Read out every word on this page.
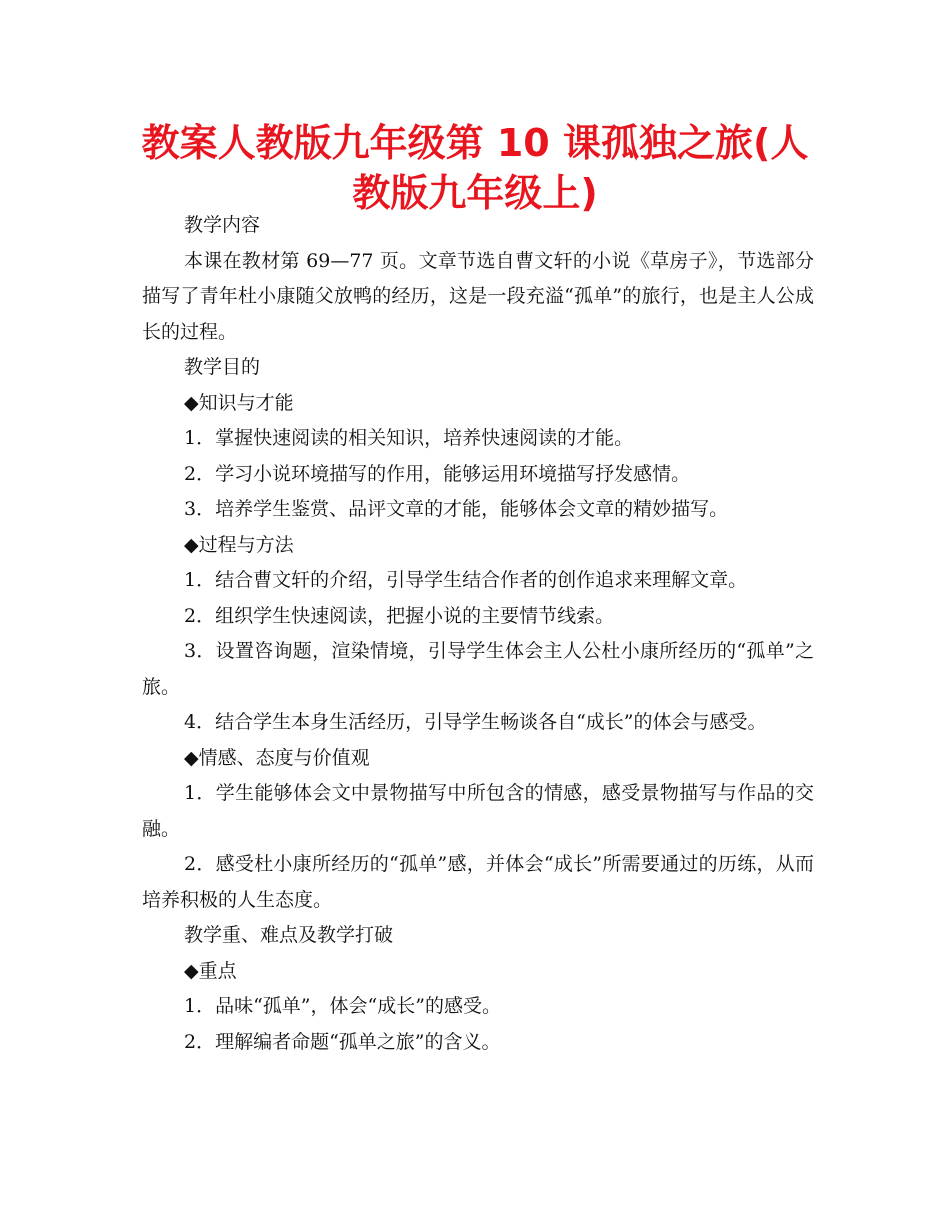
教案人教版九年级第 10 课孤独之旅(人教版九年级上)

教学内容

本课在教材第 69—77 页。文章节选自曹文轩的小说《草房子》，节选部分描写了青年杜小康随父放鸭的经历，这是一段充溢“孤单”的旅行，也是主人公成长的过程。

教学目的

◆知识与才能

1．掌握快速阅读的相关知识，培养快速阅读的才能。

2．学习小说环境描写的作用，能够运用环境描写抒发感情。

3．培养学生鉴赏、品评文章的才能，能够体会文章的精妙描写。

◆过程与方法

1．结合曹文轩的介绍，引导学生结合作者的创作追求来理解文章。

2．组织学生快速阅读，把握小说的主要情节线索。

3．设置咨询题，渲染情境，引导学生体会主人公杜小康所经历的“孤单”之旅。

4．结合学生本身生活经历，引导学生畅谈各自“成长”的体会与感受。

◆情感、态度与价值观

1．学生能够体会文中景物描写中所包含的情感，感受景物描写与作品的交融。

2．感受杜小康所经历的“孤单”感，并体会“成长”所需要通过的历练，从而培养积极的人生态度。

教学重、难点及教学打破

◆重点

1．品味“孤单”，体会“成长”的感受。

2．理解编者命题“孤单之旅”的含义。
